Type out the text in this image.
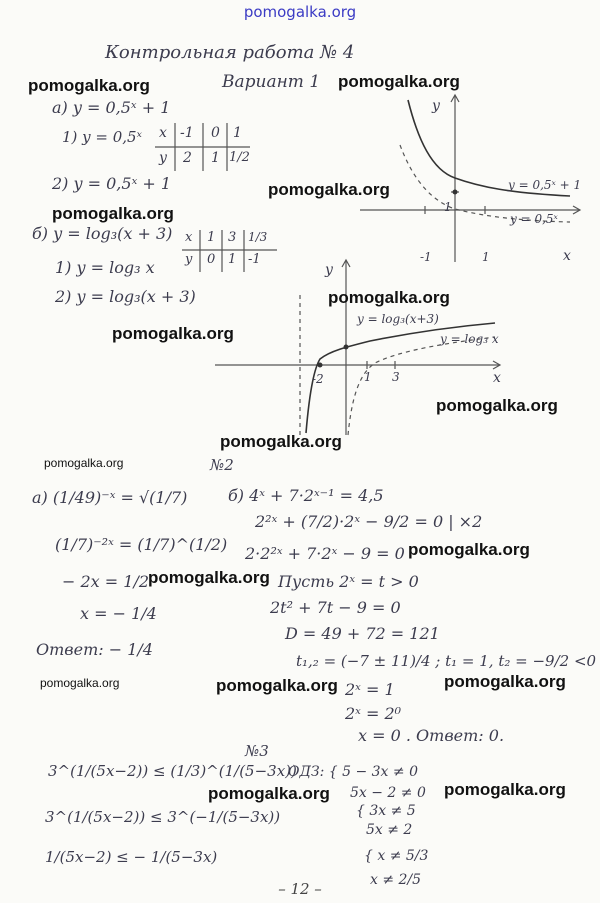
pomogalka.org
Контрольная работа № 4
Вариант 1
а) y = 0,5ˣ + 1
1) y = 0,5ˣ x -1 0 1
y 2 1 1/2
2) y = 0,5ˣ + 1
б) y = log₃(x + 3) x 1 3 1/3
y 0 1 -1
1) y = log₃ x
2) y = log₃(x + 3)
x
y
y = 0,5ˣ + 1
y = 0,5ˣ
-1	1
1
x
y
y = log₃(x+3)
y = log₃ x
-2	1 3
№2
а) (1/49)⁻ˣ = √(1/7)
(1/7)⁻²ˣ = (1/7)^(1/2)
− 2x = 1/2
x = − 1/4
Ответ: − 1/4
б) 4ˣ + 7·2ˣ⁻¹ = 4,5
2²ˣ + (7/2)·2ˣ − 9/2 = 0 | ×2
2·2²ˣ + 7·2ˣ − 9 = 0
Пусть 2ˣ = t > 0
2t² + 7t − 9 = 0
D = 49 + 72 = 121
t₁,₂ = (−7 ± 11)/4 ; t₁ = 1, t₂ = −9/2 <0
2ˣ = 1
2ˣ = 2⁰
x = 0 . Ответ: 0.
№3
3^(1/(5x−2)) ≤ (1/3)^(1/(5−3x))
3^(1/(5x−2)) ≤ 3^(−1/(5−3x))
1/(5x−2) ≤ − 1/(5−3x)
ОДЗ: { 5 − 3x ≠ 0
5x − 2 ≠ 0
{ 3x ≠ 5
5x ≠ 2
{ x ≠ 5/3
x ≠ 2/5
– 12 –
pomogalka.org	pomogalka.org
pomogalka.org
pomogalka.org
pomogalka.org
pomogalka.org
pomogalka.org
pomogalka.org
pomogalka.org
pomogalka.org
pomogalka.org
pomogalka.org	pomogalka.org	pomogalka.org
pomogalka.org	pomogalka.org
